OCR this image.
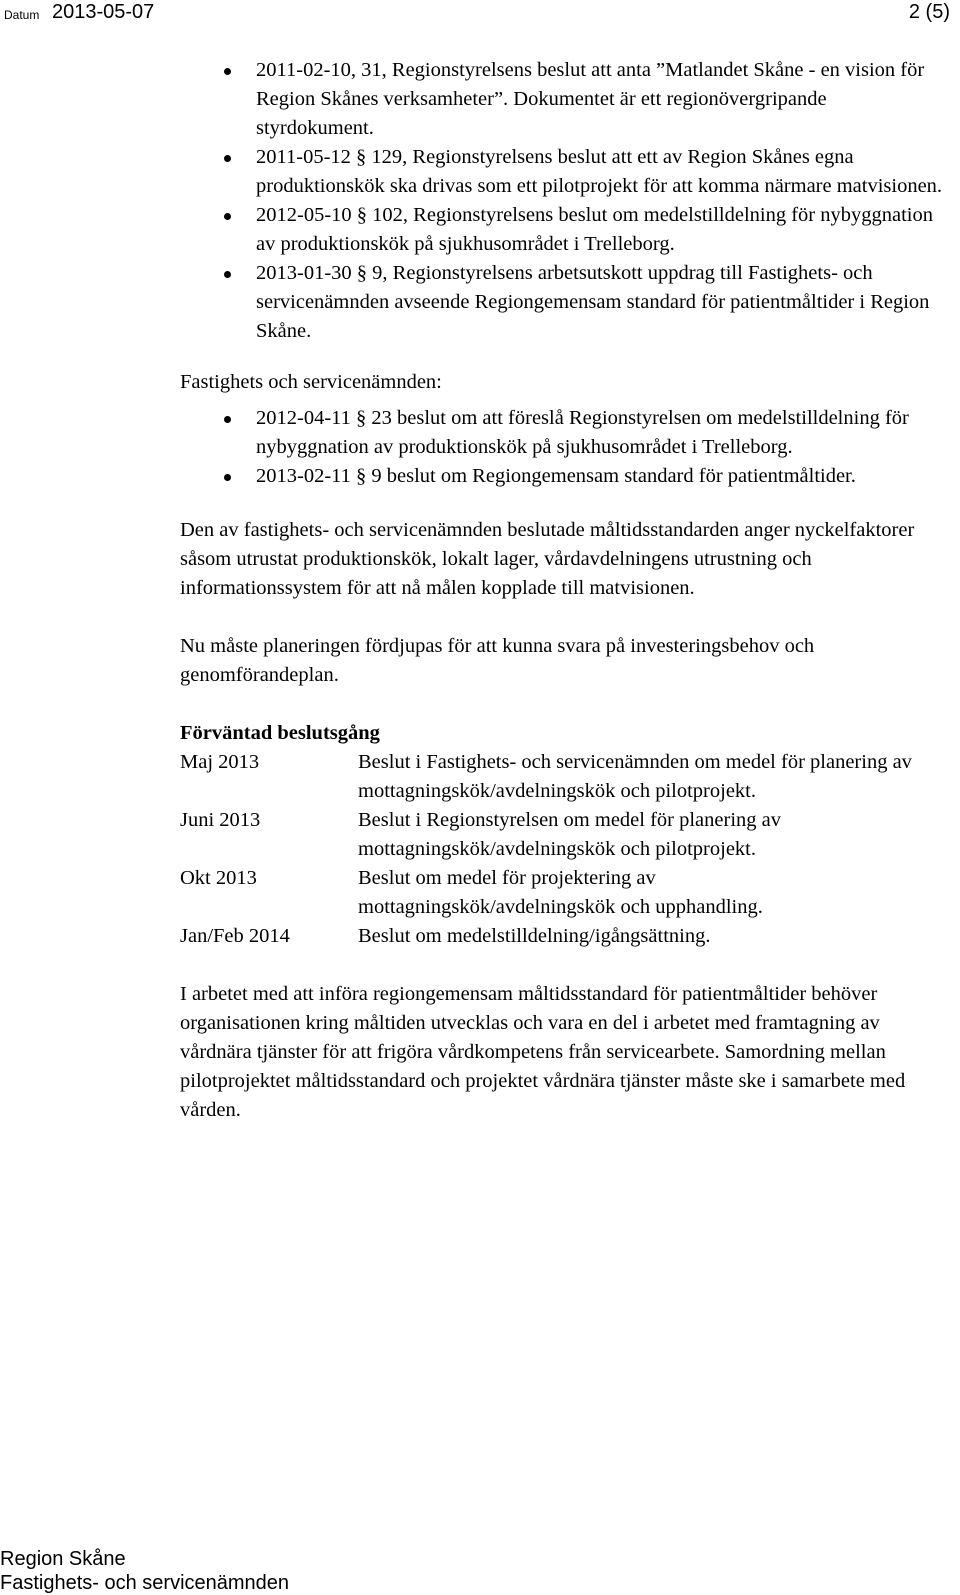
Datum 2013-05-07	2 (5)
2011-02-10, 31, Regionstyrelsens beslut att anta ”Matlandet Skåne - en vision för Region Skånes verksamheter”. Dokumentet är ett regionövergripande styrdokument.
2011-05-12 § 129, Regionstyrelsens beslut att ett av Region Skånes egna produktionskök ska drivas som ett pilotprojekt för att komma närmare matvisionen.
2012-05-10 § 102, Regionstyrelsens beslut om medelstilldelning för nybyggnation av produktionskök på sjukhusområdet i Trelleborg.
2013-01-30 § 9, Regionstyrelsens arbetsutskott uppdrag till Fastighets- och servicenämnden avseende Regiongemensam standard för patientmåltider i Region Skåne.
Fastighets och servicenämnden:
2012-04-11 § 23 beslut om att föreslå Regionstyrelsen om medelstilldelning för nybyggnation av produktionskök på sjukhusområdet i Trelleborg.
2013-02-11 § 9 beslut om Regiongemensam standard för patientmåltider.

Den av fastighets- och servicenämnden beslutade måltidsstandarden anger nyckelfaktorer såsom utrustat produktionskök, lokalt lager, vårdavdelningens utrustning och informationssystem för att nå målen kopplade till matvisionen.

Nu måste planeringen fördjupas för att kunna svara på investeringsbehov och genomförandeplan.

Förväntad beslutsgång
Maj 2013	Beslut i Fastighets- och servicenämnden om medel för planering av mottagningskök/avdelningskök och pilotprojekt.
Juni 2013	Beslut i Regionstyrelsen om medel för planering av mottagningskök/avdelningskök och pilotprojekt.
Okt 2013	Beslut om medel för projektering av mottagningskök/avdelningskök och upphandling.
Jan/Feb 2014	Beslut om medelstilldelning/igångsättning.

I arbetet med att införa regiongemensam måltidsstandard för patientmåltider behöver organisationen kring måltiden utvecklas och vara en del i arbetet med framtagning av vårdnära tjänster för att frigöra vårdkompetens från servicearbete. Samordning mellan pilotprojektet måltidsstandard och projektet vårdnära tjänster måste ske i samarbete med vården.

Region Skåne
Fastighets- och servicenämnden
